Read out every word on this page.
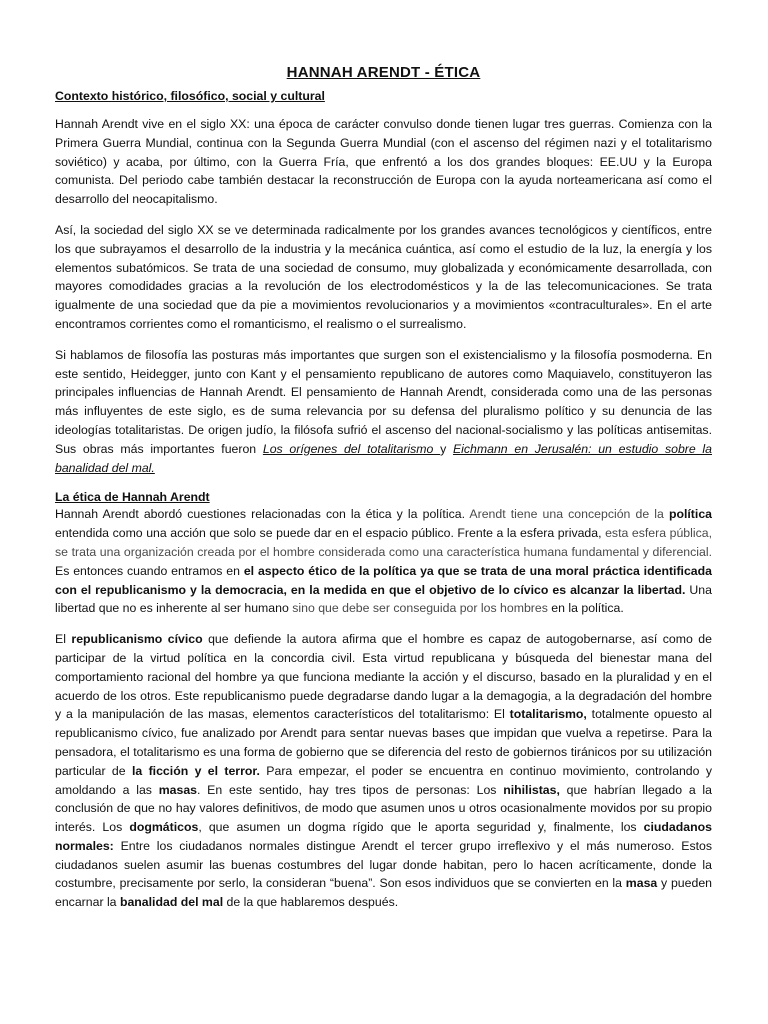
HANNAH ARENDT - ÉTICA
Contexto histórico, filosófico, social y cultural

Hannah Arendt vive en el siglo XX: una época de carácter convulso donde tienen lugar tres guerras. Comienza con la Primera Guerra Mundial, continua con la Segunda Guerra Mundial (con el ascenso del régimen nazi y el totalitarismo soviético) y acaba, por último, con la Guerra Fría, que enfrentó a los dos grandes bloques: EE.UU y la Europa comunista. Del periodo cabe también destacar la reconstrucción de Europa con la ayuda norteamericana así como el desarrollo del neocapitalismo.

Así, la sociedad del siglo XX se ve determinada radicalmente por los grandes avances tecnológicos y científicos, entre los que subrayamos el desarrollo de la industria y la mecánica cuántica, así como el estudio de la luz, la energía y los elementos subatómicos. Se trata de una sociedad de consumo, muy globalizada y económicamente desarrollada, con mayores comodidades gracias a la revolución de los electrodomésticos y la de las telecomunicaciones. Se trata igualmente de una sociedad que da pie a movimientos revolucionarios y a movimientos «contraculturales». En el arte encontramos corrientes como el romanticismo, el realismo o el surrealismo.

Si hablamos de filosofía las posturas más importantes que surgen son el existencialismo y la filosofía posmoderna. En este sentido, Heidegger, junto con Kant y el pensamiento republicano de autores como Maquiavelo, constituyeron las principales influencias de Hannah Arendt. El pensamiento de Hannah Arendt, considerada como una de las personas más influyentes de este siglo, es de suma relevancia por su defensa del pluralismo político y su denuncia de las ideologías totalitaristas. De origen judío, la filósofa sufrió el ascenso del nacional-socialismo y las políticas antisemitas. Sus obras más importantes fueron Los orígenes del totalitarismo y Eichmann en Jerusalén: un estudio sobre la banalidad del mal.

La ética de Hannah Arendt

Hannah Arendt abordó cuestiones relacionadas con la ética y la política. Arendt tiene una concepción de la política entendida como una acción que solo se puede dar en el espacio público. Frente a la esfera privada, esta esfera pública, se trata una organización creada por el hombre considerada como una característica humana fundamental y diferencial. Es entonces cuando entramos en el aspecto ético de la política ya que se trata de una moral práctica identificada con el republicanismo y la democracia, en la medida en que el objetivo de lo cívico es alcanzar la libertad. Una libertad que no es inherente al ser humano sino que debe ser conseguida por los hombres en la política.

El republicanismo cívico que defiende la autora afirma que el hombre es capaz de autogobernarse, así como de participar de la virtud política en la concordia civil. Esta virtud republicana y búsqueda del bienestar mana del comportamiento racional del hombre ya que funciona mediante la acción y el discurso, basado en la pluralidad y en el acuerdo de los otros. Este republicanismo puede degradarse dando lugar a la demagogia, a la degradación del hombre y a la manipulación de las masas, elementos característicos del totalitarismo: El totalitarismo, totalmente opuesto al republicanismo cívico, fue analizado por Arendt para sentar nuevas bases que impidan que vuelva a repetirse. Para la pensadora, el totalitarismo es una forma de gobierno que se diferencia del resto de gobiernos tiránicos por su utilización particular de la ficción y el terror. Para empezar, el poder se encuentra en continuo movimiento, controlando y amoldando a las masas. En este sentido, hay tres tipos de personas: Los nihilistas, que habrían llegado a la conclusión de que no hay valores definitivos, de modo que asumen unos u otros ocasionalmente movidos por su propio interés. Los dogmáticos, que asumen un dogma rígido que le aporta seguridad y, finalmente, los ciudadanos normales: Entre los ciudadanos normales distingue Arendt el tercer grupo irreflexivo y el más numeroso. Estos ciudadanos suelen asumir las buenas costumbres del lugar donde habitan, pero lo hacen acríticamente, donde la costumbre, precisamente por serlo, la consideran “buena”. Son esos individuos que se convierten en la masa y pueden encarnar la banalidad del mal de la que hablaremos después.
